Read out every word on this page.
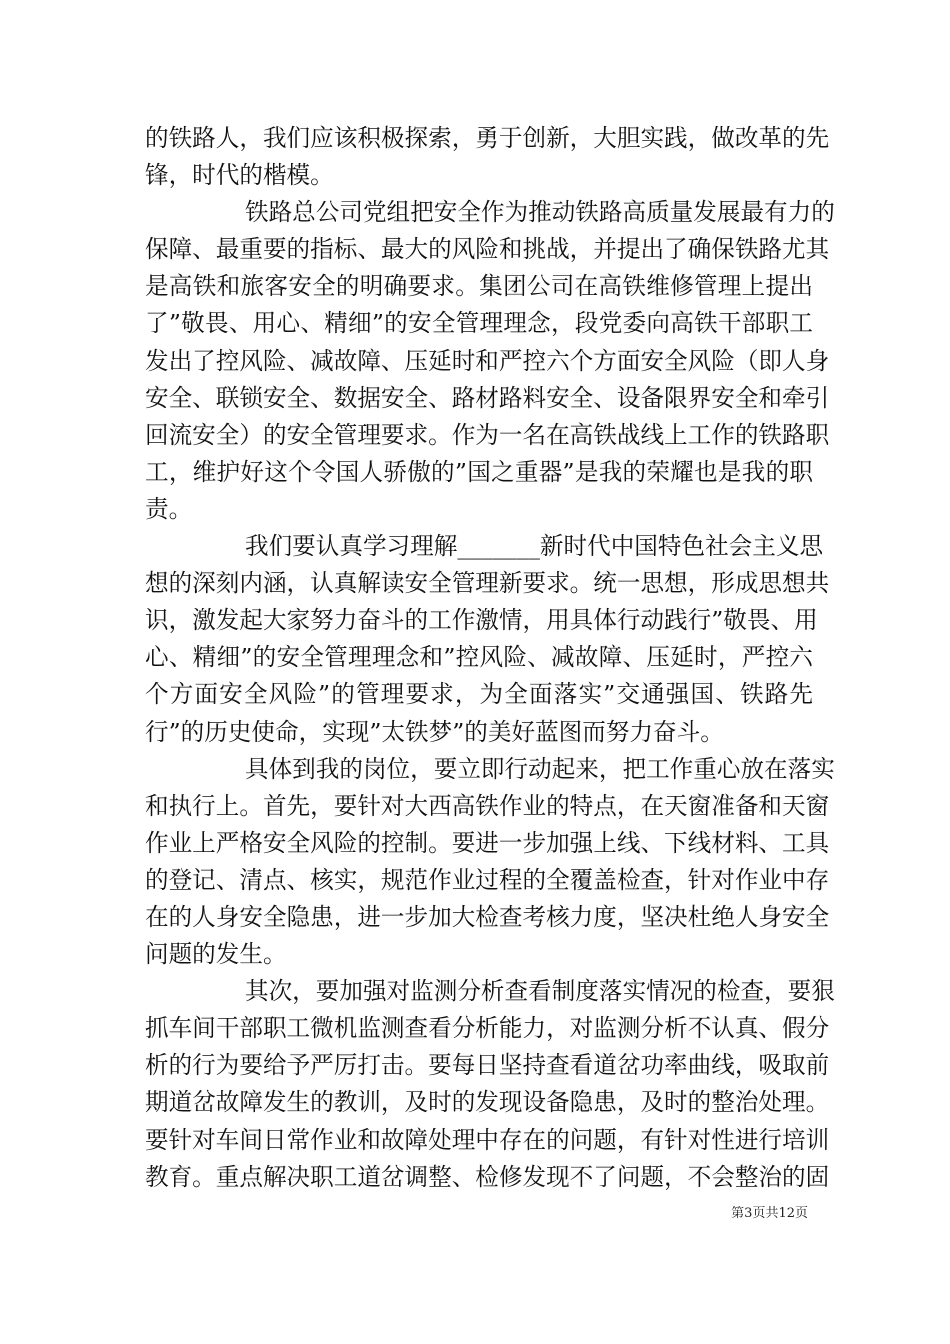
的铁路人，我们应该积极探索，勇于创新，大胆实践，做改革的先
锋，时代的楷模。
铁路总公司党组把安全作为推动铁路高质量发展最有力的
保障、最重要的指标、最大的风险和挑战，并提出了确保铁路尤其
是高铁和旅客安全的明确要求。集团公司在高铁维修管理上提出
了”敬畏、用心、精细”的安全管理理念，段党委向高铁干部职工
发出了控风险、减故障、压延时和严控六个方面安全风险（即人身
安全、联锁安全、数据安全、路材路料安全、设备限界安全和牵引
回流安全）的安全管理要求。作为一名在高铁战线上工作的铁路职
工，维护好这个令国人骄傲的”国之重器”是我的荣耀也是我的职
责。
我们要认真学习理解_______新时代中国特色社会主义思
想的深刻内涵，认真解读安全管理新要求。统一思想，形成思想共
识，激发起大家努力奋斗的工作激情，用具体行动践行”敬畏、用
心、精细”的安全管理理念和”控风险、减故障、压延时，严控六
个方面安全风险”的管理要求，为全面落实”交通强国、铁路先
行”的历史使命，实现”太铁梦”的美好蓝图而努力奋斗。
具体到我的岗位，要立即行动起来，把工作重心放在落实
和执行上。首先，要针对大西高铁作业的特点，在天窗准备和天窗
作业上严格安全风险的控制。要进一步加强上线、下线材料、工具
的登记、清点、核实，规范作业过程的全覆盖检查，针对作业中存
在的人身安全隐患，进一步加大检查考核力度，坚决杜绝人身安全
问题的发生。
其次，要加强对监测分析查看制度落实情况的检查，要狠
抓车间干部职工微机监测查看分析能力，对监测分析不认真、假分
析的行为要给予严厉打击。要每日坚持查看道岔功率曲线，吸取前
期道岔故障发生的教训，及时的发现设备隐患，及时的整治处理。
要针对车间日常作业和故障处理中存在的问题，有针对性进行培训
教育。重点解决职工道岔调整、检修发现不了问题，不会整治的固
第3页共12页
